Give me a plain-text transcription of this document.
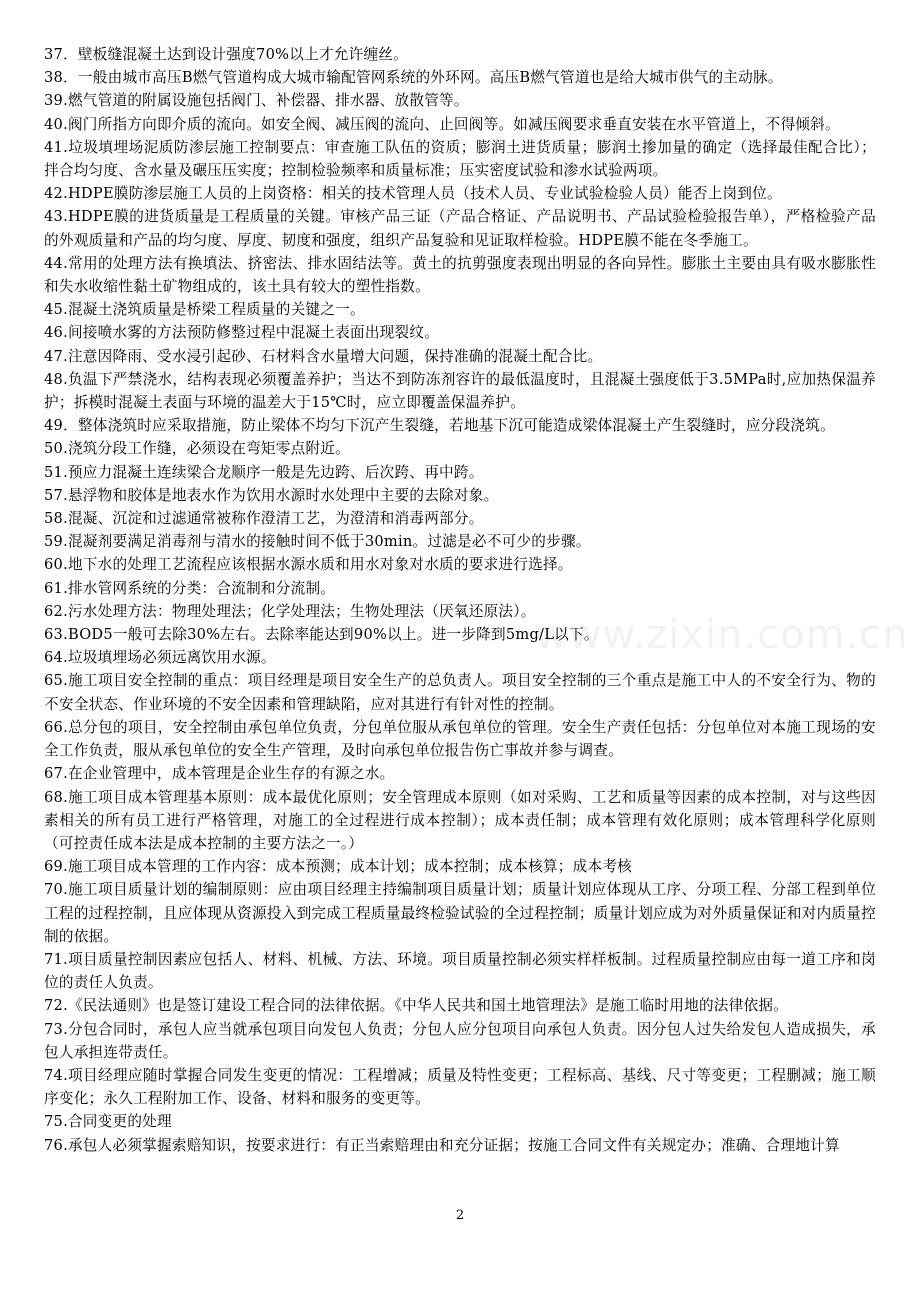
37．壁板缝混凝土达到设计强度70%以上才允许缠丝。

38．一般由城市高压B燃气管道构成大城市输配管网系统的外环网。高压B燃气管道也是给大城市供气的主动脉。

39.燃气管道的附属设施包括阀门、补偿器、排水器、放散管等。

40.阀门所指方向即介质的流向。如安全阀、减压阀的流向、止回阀等。如减压阀要求垂直安装在水平管道上，不得倾斜。

41.垃圾填埋场泥质防渗层施工控制要点：审查施工队伍的资质；膨润土进货质量；膨润土掺加量的确定（选择最佳配合比）；拌合均匀度、含水量及碾压压实度；控制检验频率和质量标准；压实密度试验和渗水试验两项。

42.HDPE膜防渗层施工人员的上岗资格：相关的技术管理人员（技术人员、专业试验检验人员）能否上岗到位。

43.HDPE膜的进货质量是工程质量的关键。审核产品三证（产品合格证、产品说明书、产品试验检验报告单），严格检验产品的外观质量和产品的均匀度、厚度、韧度和强度，组织产品复验和见证取样检验。HDPE膜不能在冬季施工。

44.常用的处理方法有换填法、挤密法、排水固结法等。黄土的抗剪强度表现出明显的各向异性。膨胀土主要由具有吸水膨胀性和失水收缩性黏土矿物组成的，该土具有较大的塑性指数。

45.混凝土浇筑质量是桥梁工程质量的关键之一。

46.间接喷水雾的方法预防修整过程中混凝土表面出现裂纹。

47.注意因降雨、受水浸引起砂、石材料含水量增大问题，保持准确的混凝土配合比。

48.负温下严禁浇水，结构表现必须覆盖养护；当达不到防冻剂容许的最低温度时，且混凝土强度低于3.5MPa时,应加热保温养护；拆模时混凝土表面与环境的温差大于15℃时，应立即覆盖保温养护。

49．整体浇筑时应采取措施，防止梁体不均匀下沉产生裂缝，若地基下沉可能造成梁体混凝土产生裂缝时，应分段浇筑。

50.浇筑分段工作缝，必须设在弯矩零点附近。

51.预应力混凝土连续梁合龙顺序一般是先边跨、后次跨、再中跨。

57.悬浮物和胶体是地表水作为饮用水源时水处理中主要的去除对象。

58.混凝、沉淀和过滤通常被称作澄清工艺，为澄清和消毒两部分。

59.混凝剂要满足消毒剂与清水的接触时间不低于30min。过滤是必不可少的步骤。

60.地下水的处理工艺流程应该根据水源水质和用水对象对水质的要求进行选择。

61.排水管网系统的分类：合流制和分流制。

62.污水处理方法：物理处理法；化学处理法；生物处理法（厌氧还原法）。

63.BOD5一般可去除30%左右。去除率能达到90%以上。进一步降到5mg/L以下。

64.垃圾填埋场必须远离饮用水源。

65.施工项目安全控制的重点：项目经理是项目安全生产的总负责人。项目安全控制的三个重点是施工中人的不安全行为、物的不安全状态、作业环境的不安全因素和管理缺陷，应对其进行有针对性的控制。

66.总分包的项目，安全控制由承包单位负责，分包单位服从承包单位的管理。安全生产责任包括：分包单位对本施工现场的安全工作负责，服从承包单位的安全生产管理，及时向承包单位报告伤亡事故并参与调查。

67.在企业管理中，成本管理是企业生存的有源之水。

68.施工项目成本管理基本原则：成本最优化原则；安全管理成本原则（如对采购、工艺和质量等因素的成本控制，对与这些因素相关的所有员工进行严格管理，对施工的全过程进行成本控制）；成本责任制；成本管理有效化原则；成本管理科学化原则（可控责任成本法是成本控制的主要方法之一。）

69.施工项目成本管理的工作内容：成本预测；成本计划；成本控制；成本核算；成本考核

70.施工项目质量计划的编制原则：应由项目经理主持编制项目质量计划；质量计划应体现从工序、分项工程、分部工程到单位工程的过程控制，且应体现从资源投入到完成工程质量最终检验试验的全过程控制；质量计划应成为对外质量保证和对内质量控制的依据。

71.项目质量控制因素应包括人、材料、机械、方法、环境。项目质量控制必须实样样板制。过程质量控制应由每一道工序和岗位的责任人负责。

72.《民法通则》也是签订建设工程合同的法律依据。《中华人民共和国土地管理法》是施工临时用地的法律依据。

73.分包合同时，承包人应当就承包项目向发包人负责；分包人应分包项目向承包人负责。因分包人过失给发包人造成损失，承包人承担连带责任。

74.项目经理应随时掌握合同发生变更的情况：工程增减；质量及特性变更；工程标高、基线、尺寸等变更；工程删减；施工顺序变化；永久工程附加工作、设备、材料和服务的变更等。

75.合同变更的处理

76.承包人必须掌握索赔知识，按要求进行：有正当索赔理由和充分证据；按施工合同文件有关规定办；准确、合理地计算

www.zixin.com.cn
2
